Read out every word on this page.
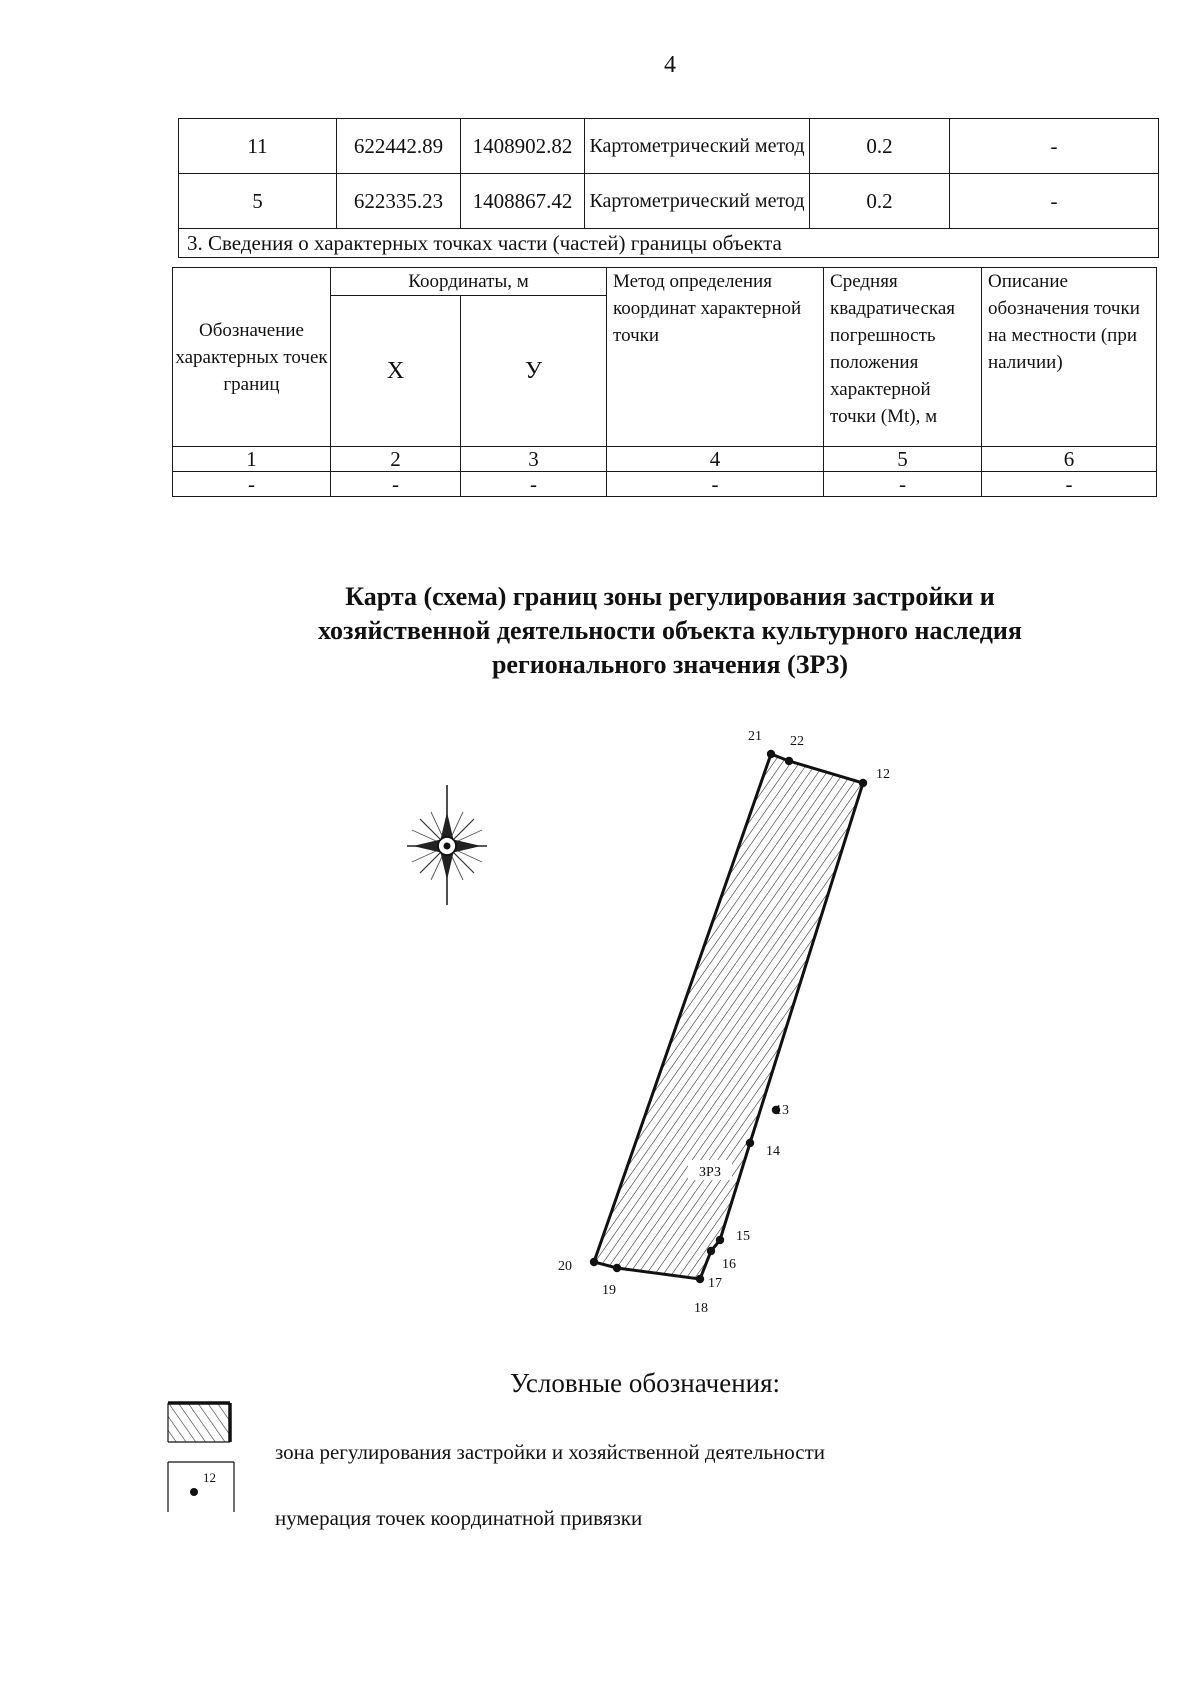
4
11	622442.89	1408902.82	Картометрический метод	0.2	-
5	622335.23	1408867.42	Картометрический метод	0.2	-
3. Сведения о характерных точках части (частей) границы объекта					
Обозначение характерных точек границ	Координаты, м		Метод определения координат характерной точки	Средняя квадратическая погрешность положения характерной точки (Mt), м	Описание обозначения точки на местности (при наличии)
	X	У			
1	2	3	4	5	6
-	-	-	-	-	-
Карта (схема) границ зоны регулирования застройки и
хозяйственной деятельности объекта культурного наследия
регионального значения (ЗРЗ)
ЗРЗ
21 22
12
13
14
15
16
17
18
19
20
Условные обозначения:
зона регулирования застройки и хозяйственной деятельности
12
нумерация точек координатной привязки
